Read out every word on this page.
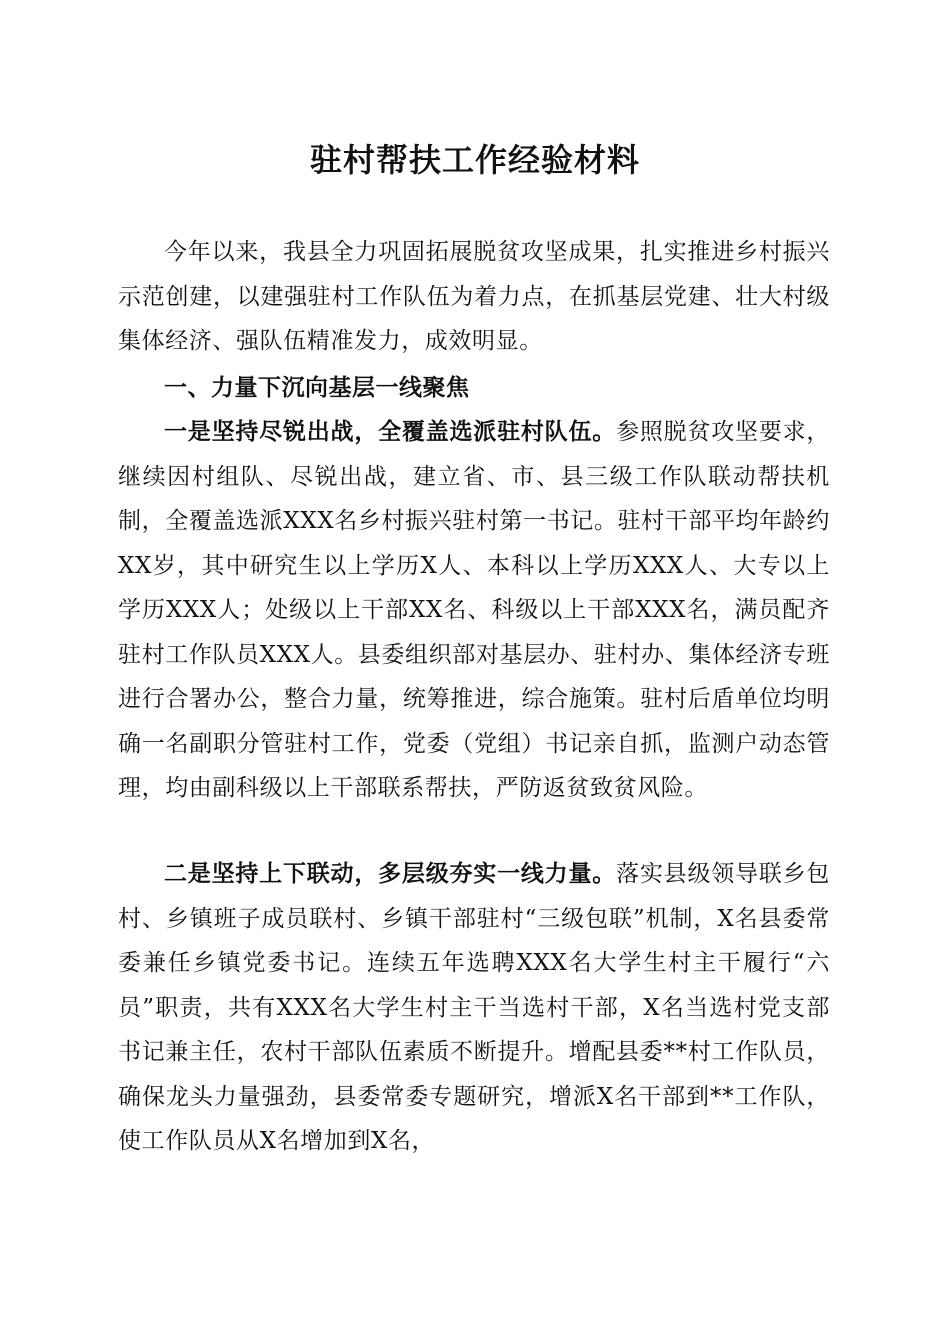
驻村帮扶工作经验材料

今年以来，我县全力巩固拓展脱贫攻坚成果，扎实推进乡村振兴示范创建，以建强驻村工作队伍为着力点，在抓基层党建、壮大村级集体经济、强队伍精准发力，成效明显。

一、力量下沉向基层一线聚焦

一是坚持尽锐出战，全覆盖选派驻村队伍。参照脱贫攻坚要求，继续因村组队、尽锐出战，建立省、市、县三级工作队联动帮扶机制，全覆盖选派XXX名乡村振兴驻村第一书记。驻村干部平均年龄约XX岁，其中研究生以上学历X人、本科以上学历XXX人、大专以上学历XXX人；处级以上干部XX名、科级以上干部XXX名，满员配齐驻村工作队员XXX人。县委组织部对基层办、驻村办、集体经济专班进行合署办公，整合力量，统筹推进，综合施策。驻村后盾单位均明确一名副职分管驻村工作，党委（党组）书记亲自抓，监测户动态管理，均由副科级以上干部联系帮扶，严防返贫致贫风险。

二是坚持上下联动，多层级夯实一线力量。落实县级领导联乡包村、乡镇班子成员联村、乡镇干部驻村“三级包联”机制，X名县委常委兼任乡镇党委书记。连续五年选聘XXX名大学生村主干履行“六员”职责，共有XXX名大学生村主干当选村干部，X名当选村党支部书记兼主任，农村干部队伍素质不断提升。增配县委**村工作队员，确保龙头力量强劲，县委常委专题研究，增派X名干部到**工作队，使工作队员从X名增加到X名，
